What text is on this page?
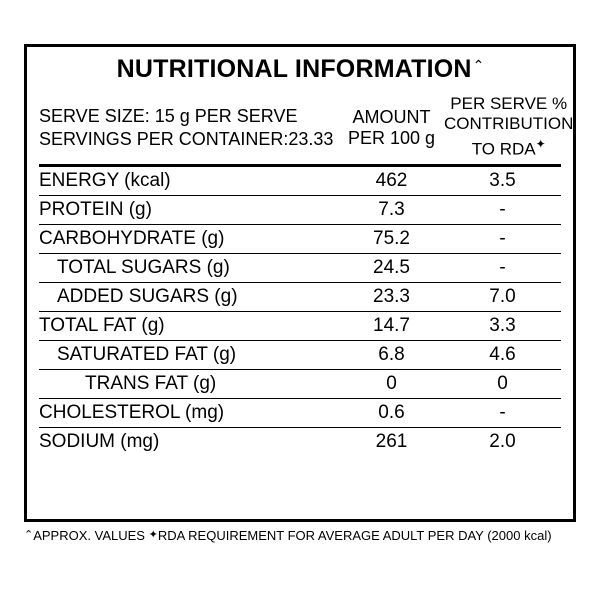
NUTRITIONAL INFORMATION⌃
SERVE SIZE: 15 g PER SERVE
SERVINGS PER CONTAINER:23.33
AMOUNT
PER 100 g
PER SERVE %
CONTRIBUTION
TO RDA✦
ENERGY (kcal)	462	3.5
PROTEIN (g)	7.3	-
CARBOHYDRATE (g)	75.2	-
TOTAL SUGARS (g)	24.5	-
ADDED SUGARS (g)	23.3	7.0
TOTAL FAT (g)	14.7	3.3
SATURATED FAT (g)	6.8	4.6
TRANS FAT (g)	0	0
CHOLESTEROL (mg)	0.6	-
SODIUM (mg)	261	2.0
⌃APPROX. VALUES ✦RDA REQUIREMENT FOR AVERAGE ADULT PER DAY (2000 kcal)
